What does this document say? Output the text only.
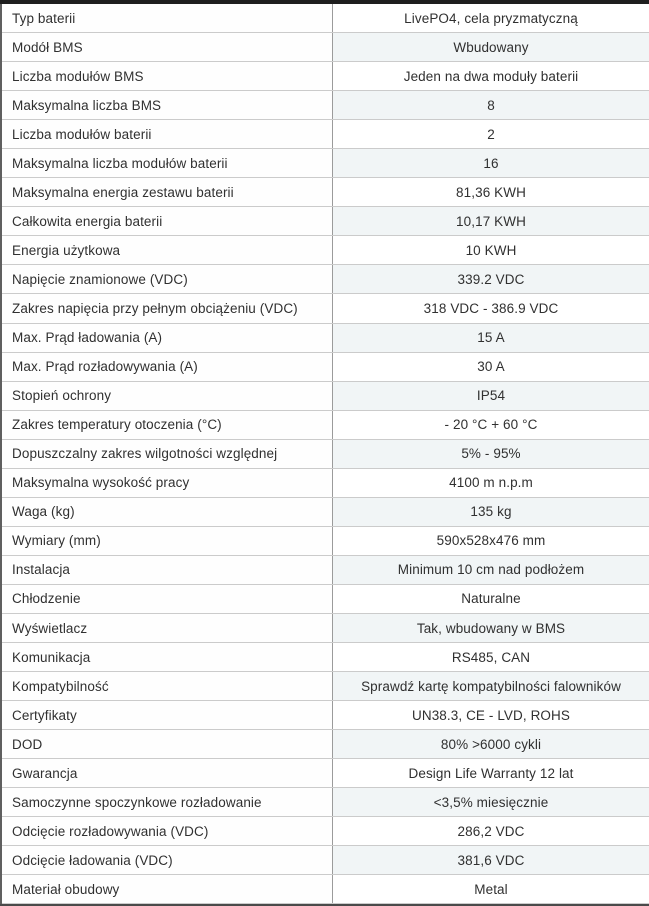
Typ baterii	LivePO4, cela pryzmatyczną
Modół BMS	Wbudowany
Liczba modułów BMS	Jeden na dwa moduły baterii
Maksymalna liczba BMS	8
Liczba modułów baterii	2
Maksymalna liczba modułów baterii	16
Maksymalna energia zestawu baterii	81,36 KWH
Całkowita energia baterii	10,17 KWH
Energia użytkowa	10 KWH
Napięcie znamionowe (VDC)	339.2 VDC
Zakres napięcia przy pełnym obciążeniu (VDC)	318 VDC - 386.9 VDC
Max. Prąd ładowania (A)	15 A
Max. Prąd rozładowywania (A)	30 A
Stopień ochrony	IP54
Zakres temperatury otoczenia (°C)	- 20 °C + 60 °C
Dopuszczalny zakres wilgotności względnej	5% - 95%
Maksymalna wysokość pracy	4100 m n.p.m
Waga (kg)	135 kg
Wymiary (mm)	590x528x476 mm
Instalacja	Minimum 10 cm nad podłożem
Chłodzenie	Naturalne
Wyświetlacz	Tak, wbudowany w BMS
Komunikacja	RS485, CAN
Kompatybilność	Sprawdź kartę kompatybilności falowników
Certyfikaty	UN38.3, CE - LVD, ROHS
DOD	80% >6000 cykli
Gwarancja	Design Life Warranty 12 lat
Samoczynne spoczynkowe rozładowanie	<3,5% miesięcznie
Odcięcie rozładowywania (VDC)	286,2 VDC
Odcięcie ładowania (VDC)	381,6 VDC
Materiał obudowy	Metal
